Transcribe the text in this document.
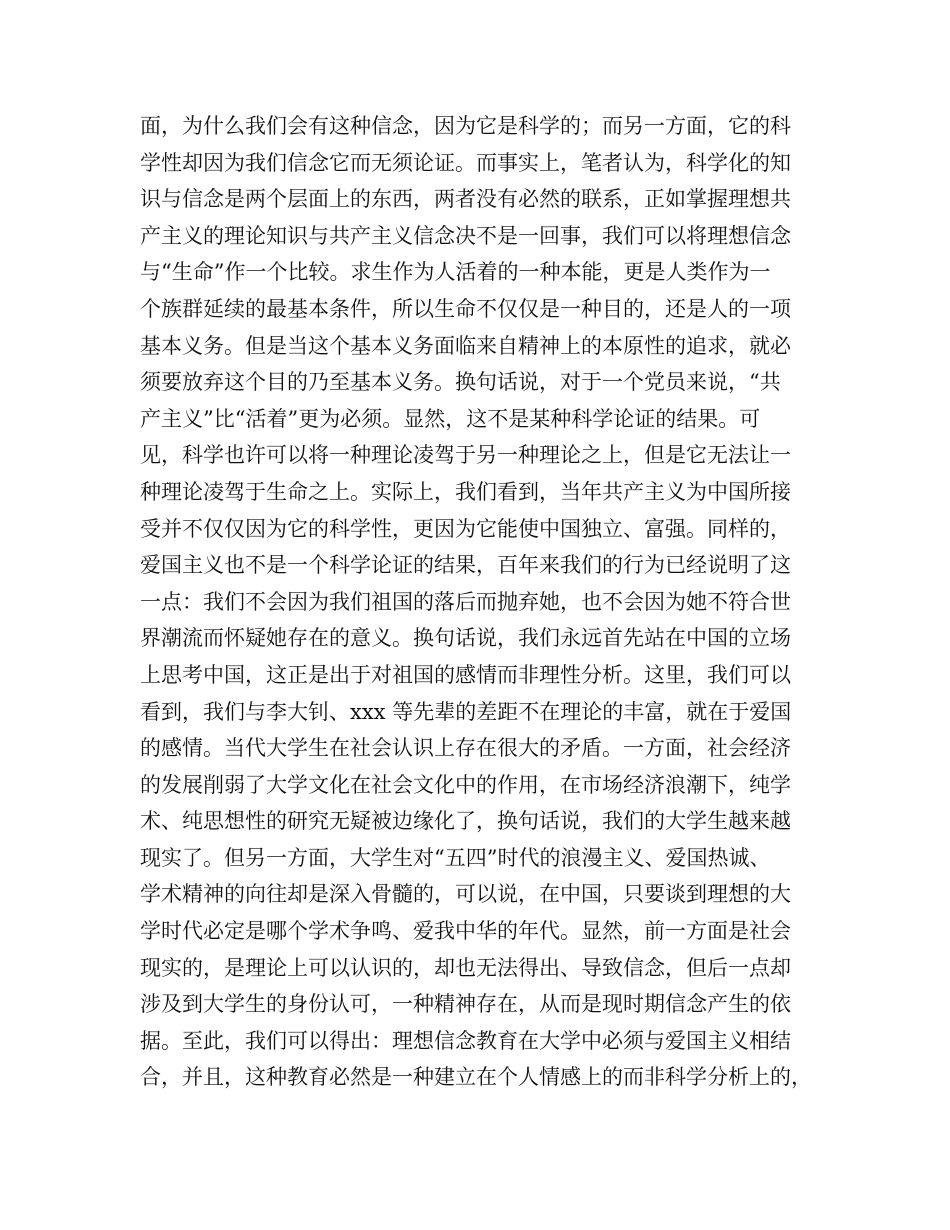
面，为什么我们会有这种信念，因为它是科学的；而另一方面，它的科
学性却因为我们信念它而无须论证。而事实上，笔者认为，科学化的知
识与信念是两个层面上的东西，两者没有必然的联系，正如掌握理想共
产主义的理论知识与共产主义信念决不是一回事，我们可以将理想信念
与“生命”作一个比较。求生作为人活着的一种本能，更是人类作为一
个族群延续的最基本条件，所以生命不仅仅是一种目的，还是人的一项
基本义务。但是当这个基本义务面临来自精神上的本原性的追求，就必
须要放弃这个目的乃至基本义务。换句话说，对于一个党员来说，“共
产主义”比“活着”更为必须。显然，这不是某种科学论证的结果。可
见，科学也许可以将一种理论凌驾于另一种理论之上，但是它无法让一
种理论凌驾于生命之上。实际上，我们看到，当年共产主义为中国所接
受并不仅仅因为它的科学性，更因为它能使中国独立、富强。同样的，
爱国主义也不是一个科学论证的结果，百年来我们的行为已经说明了这
一点：我们不会因为我们祖国的落后而抛弃她，也不会因为她不符合世
界潮流而怀疑她存在的意义。换句话说，我们永远首先站在中国的立场
上思考中国，这正是出于对祖国的感情而非理性分析。这里，我们可以
看到，我们与李大钊、xxx 等先辈的差距不在理论的丰富，就在于爱国
的感情。当代大学生在社会认识上存在很大的矛盾。一方面，社会经济
的发展削弱了大学文化在社会文化中的作用，在市场经济浪潮下，纯学
术、纯思想性的研究无疑被边缘化了，换句话说，我们的大学生越来越
现实了。但另一方面，大学生对“五四”时代的浪漫主义、爱国热诚、
学术精神的向往却是深入骨髓的，可以说，在中国，只要谈到理想的大
学时代必定是哪个学术争鸣、爱我中华的年代。显然，前一方面是社会
现实的，是理论上可以认识的，却也无法得出、导致信念，但后一点却
涉及到大学生的身份认可，一种精神存在，从而是现时期信念产生的依
据。至此，我们可以得出：理想信念教育在大学中必须与爱国主义相结
合，并且，这种教育必然是一种建立在个人情感上的而非科学分析上的，
